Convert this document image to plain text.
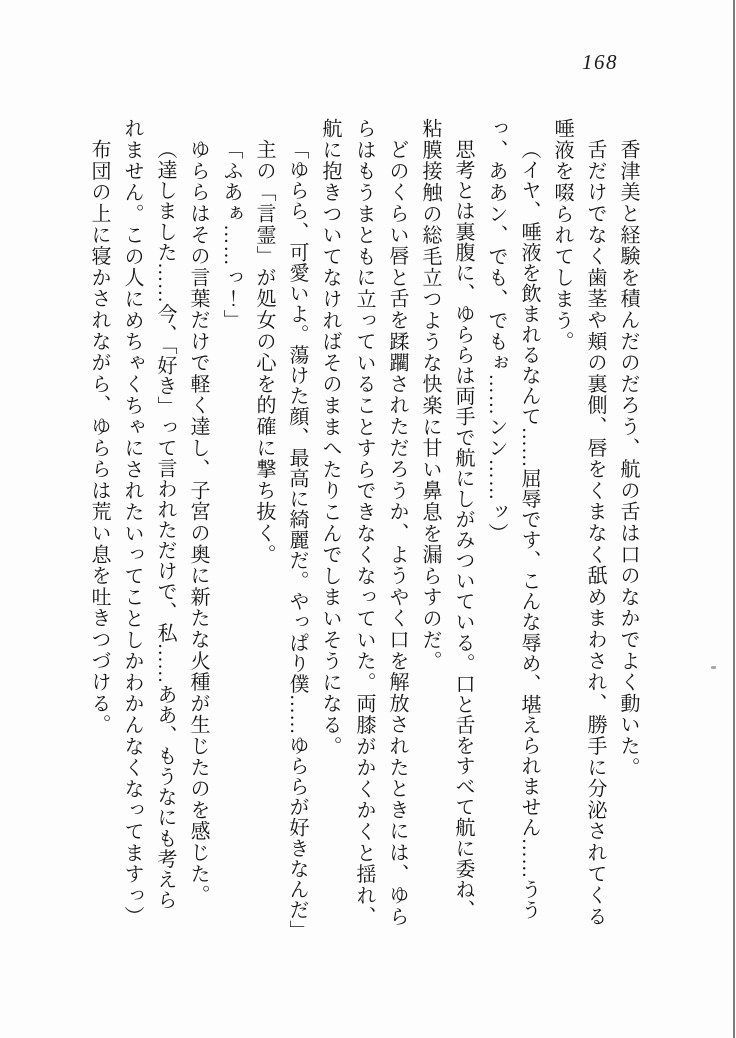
168
香津美と経験を積んだのだろう、航の舌は口のなかでよく動いた。
舌だけでなく歯茎や頬の裏側、唇をくまなく舐めまわされ、勝手に分泌されてくる
唾液を啜られてしまう。
（イヤ、唾液を飲まれるなんて……屈辱です、こんな辱め、堪えられません……うう
っ、ああン、でも、でもぉ……ンン……ッ）
思考とは裏腹に、ゆららは両手で航にしがみついている。口と舌をすべて航に委ね、
粘膜接触の総毛立つような快楽に甘い鼻息を漏らすのだ。
どのくらい唇と舌を蹂躙されただろうか、ようやく口を解放されたときには、ゆら
らはもうまともに立っていることすらできなくなっていた。両膝がかくかくと揺れ、
航に抱きついてなければそのままへたりこんでしまいそうになる。
「ゆらら、可愛いよ。蕩けた顔、最高に綺麗だ。やっぱり僕……ゆららが好きなんだ」
主の「言霊」が処女の心を的確に撃ち抜く。
「ふあぁ……っ！」
ゆららはその言葉だけで軽く達し、子宮の奥に新たな火種が生じたのを感じた。
（達しました……今、「好き」って言われただけで、私……ああ、もうなにも考えら
れません。この人にめちゃくちゃにされたいってことしかわかんなくなってますっ）
布団の上に寝かされながら、ゆららは荒い息を吐きつづける。
